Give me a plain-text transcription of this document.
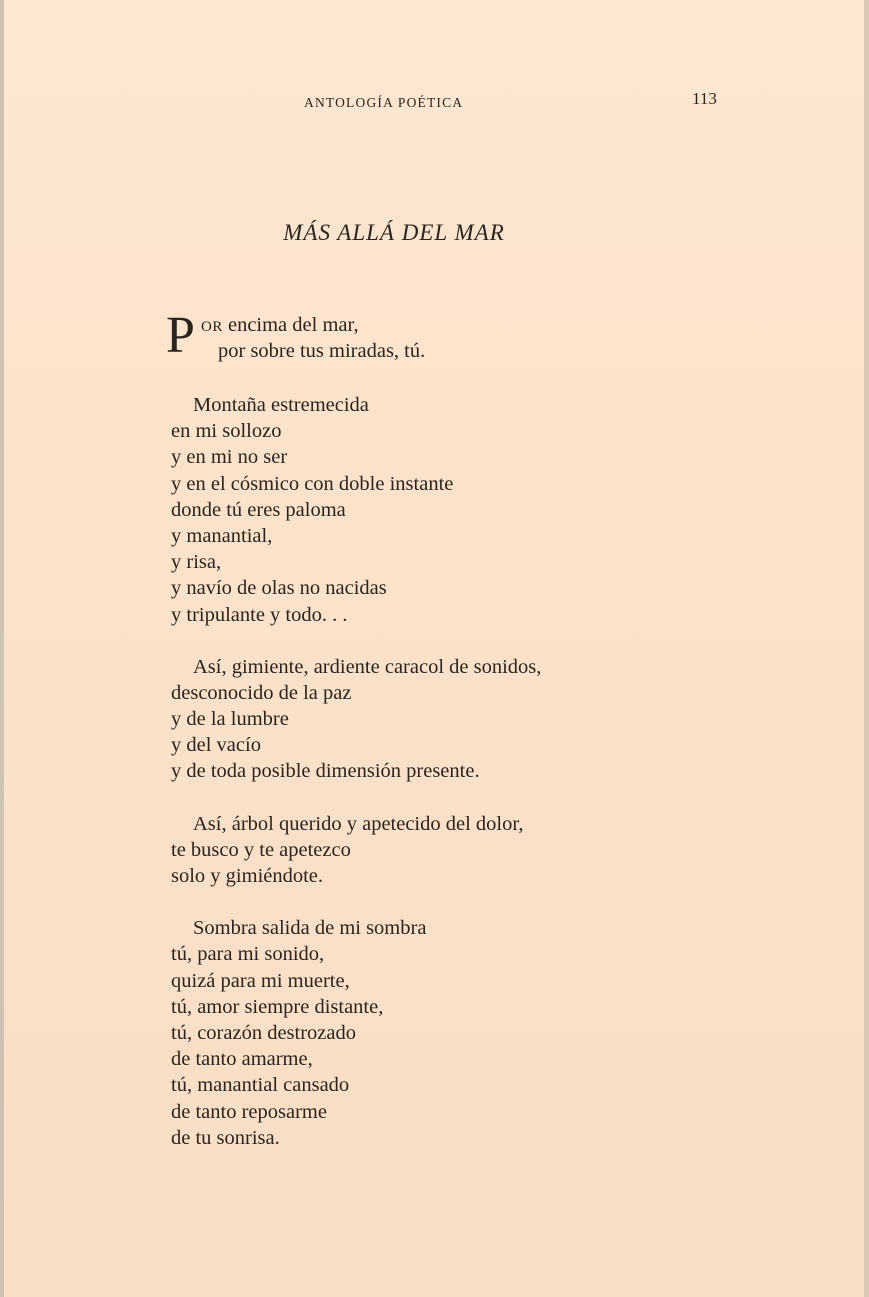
ANTOLOGÍA POÉTICA	113
MÁS ALLÁ DEL MAR
P OR encima del mar,
por sobre tus miradas, tú.
Montaña estremecida
en mi sollozo
y en mi no ser
y en el cósmico con doble instante
donde tú eres paloma
y manantial,
y risa,
y navío de olas no nacidas
y tripulante y todo. . .
Así, gimiente, ardiente caracol de sonidos,
desconocido de la paz
y de la lumbre
y del vacío
y de toda posible dimensión presente.
Así, árbol querido y apetecido del dolor,
te busco y te apetezco
solo y gimiéndote.
Sombra salida de mi sombra
tú, para mi sonido,
quizá para mi muerte,
tú, amor siempre distante,
tú, corazón destrozado
de tanto amarme,
tú, manantial cansado
de tanto reposarme
de tu sonrisa.
